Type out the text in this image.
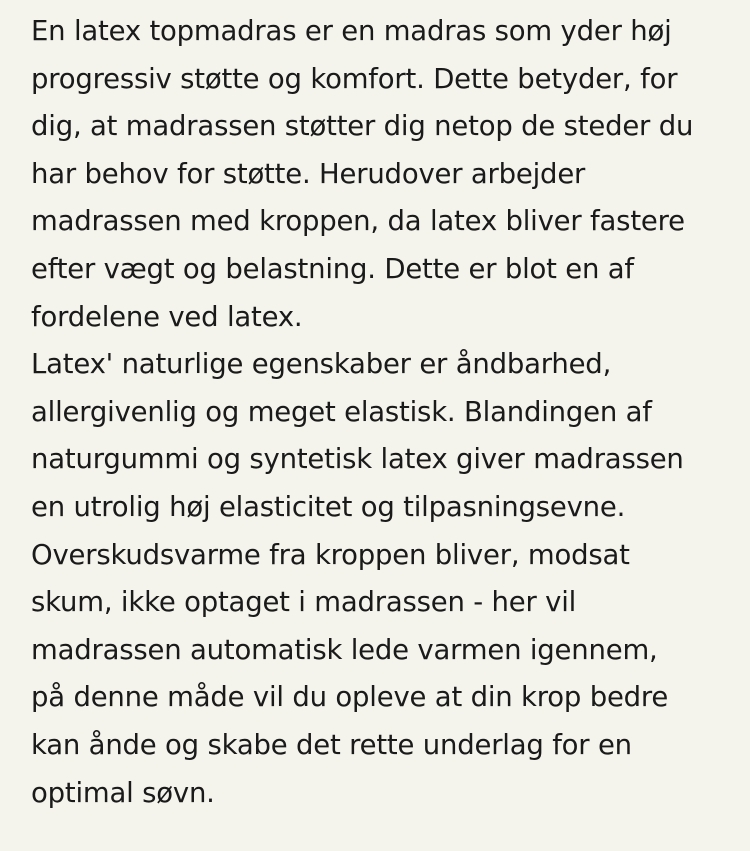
En latex topmadras er en madras som yder høj
progressiv støtte og komfort. Dette betyder, for
dig, at madrassen støtter dig netop de steder du
har behov for støtte. Herudover arbejder
madrassen med kroppen, da latex bliver fastere
efter vægt og belastning. Dette er blot en af
fordelene ved latex.

Latex' naturlige egenskaber er åndbarhed,
allergivenlig og meget elastisk. Blandingen af
naturgummi og syntetisk latex giver madrassen
en utrolig høj elasticitet og tilpasningsevne.
Overskudsvarme fra kroppen bliver, modsat
skum, ikke optaget i madrassen - her vil
madrassen automatisk lede varmen igennem,
på denne måde vil du opleve at din krop bedre
kan ånde og skabe det rette underlag for en
optimal søvn.
